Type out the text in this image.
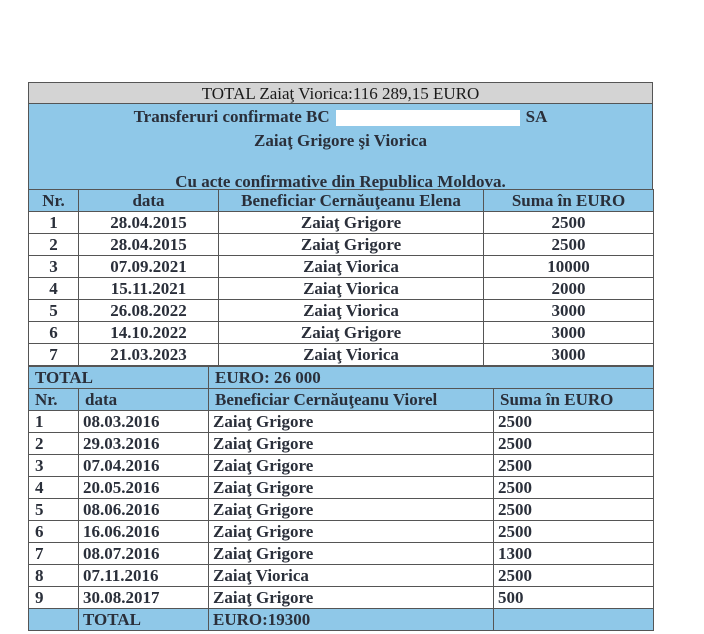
TOTAL Zaiaţ Viorica:116 289,15 EURO
Transferuri confirmate BC	SA
Zaiaţ Grigore şi Viorica
Cu acte confirmative din Republica Moldova.
Nr.	data	Beneficiar Cernăuţeanu Elena	Suma în EURO
1	28.04.2015	Zaiaţ Grigore	2500
2	28.04.2015	Zaiaţ Grigore	2500
3	07.09.2021	Zaiaţ Viorica	10000
4	15.11.2021	Zaiaţ Viorica	2000
5	26.08.2022	Zaiaţ Viorica	3000
6	14.10.2022	Zaiaţ Grigore	3000
7	21.03.2023	Zaiaţ Viorica	3000
TOTAL		EURO: 26 000	
Nr.	data	Beneficiar Cernăuţeanu Viorel	Suma în EURO
1	08.03.2016	Zaiaţ Grigore	2500
2	29.03.2016	Zaiaţ Grigore	2500
3	07.04.2016	Zaiaţ Grigore	2500
4	20.05.2016	Zaiaţ Grigore	2500
5	08.06.2016	Zaiaţ Grigore	2500
6	16.06.2016	Zaiaţ Grigore	2500
7	08.07.2016	Zaiaţ Grigore	1300
8	07.11.2016	Zaiaţ Viorica	2500
9	30.08.2017	Zaiaţ Grigore	500
	TOTAL	EURO:19300	
